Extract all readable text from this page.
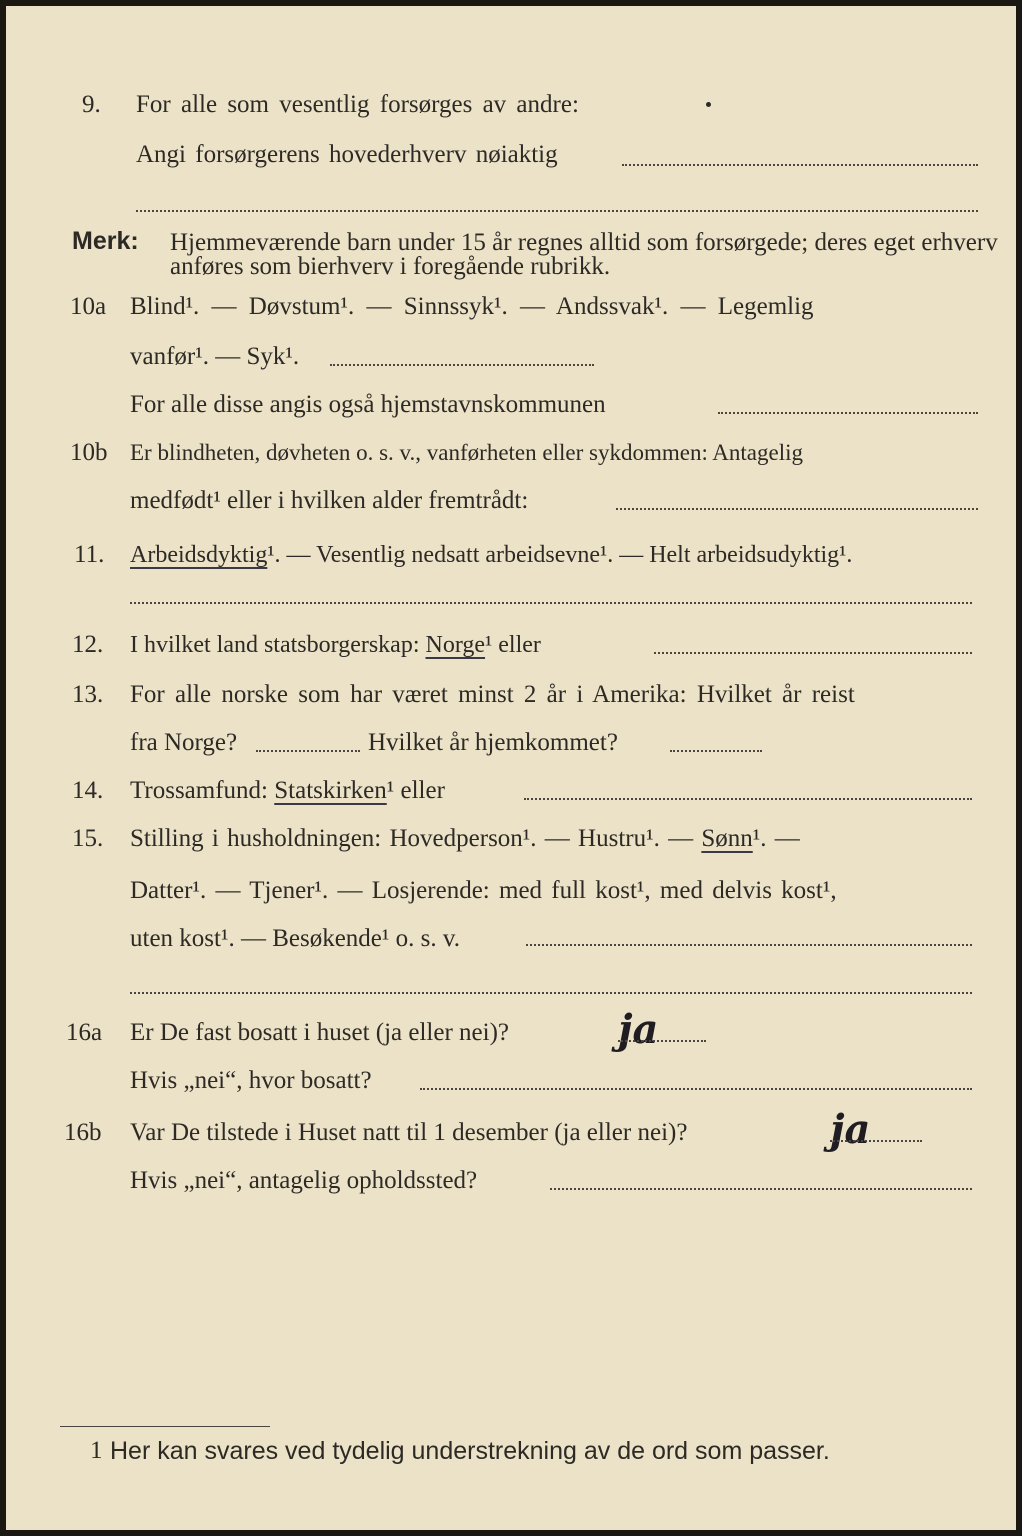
9. For alle som vesentlig forsørges av andre:
Angi forsørgerens hovederhverv nøiaktig
Merk: Hjemmeværende barn under 15 år regnes alltid som forsørgede; deres eget erhverv
anføres som bierhverv i foregående rubrikk.
10a Blind¹. — Døvstum¹. — Sinnssyk¹. — Andssvak¹. — Legemlig
vanfør¹. — Syk¹.
For alle disse angis også hjemstavnskommunen
10b Er blindheten, døvheten o. s. v., vanførheten eller sykdommen: Antagelig
medfødt¹ eller i hvilken alder fremtrådt:
11. Arbeidsdyktig¹. — Vesentlig nedsatt arbeidsevne¹. — Helt arbeidsudyktig¹.
12. I hvilket land statsborgerskap: Norge¹ eller
13. For alle norske som har været minst 2 år i Amerika: Hvilket år reist
fra Norge?	Hvilket år hjemkommet?
14. Trossamfund: Statskirken¹ eller
15. Stilling i husholdningen: Hovedperson¹. — Hustru¹. — Sønn¹. —
Datter¹. — Tjener¹. — Losjerende: med full kost¹, med delvis kost¹,
uten kost¹. — Besøkende¹ o. s. v.
16a Er De fast bosatt i huset (ja eller nei)?	ja
Hvis „nei“, hvor bosatt?
16b Var De tilstede i Huset natt til 1 desember (ja eller nei)?	ja
Hvis „nei“, antagelig opholdssted?
1 Her kan svares ved tydelig understrekning av de ord som passer.
